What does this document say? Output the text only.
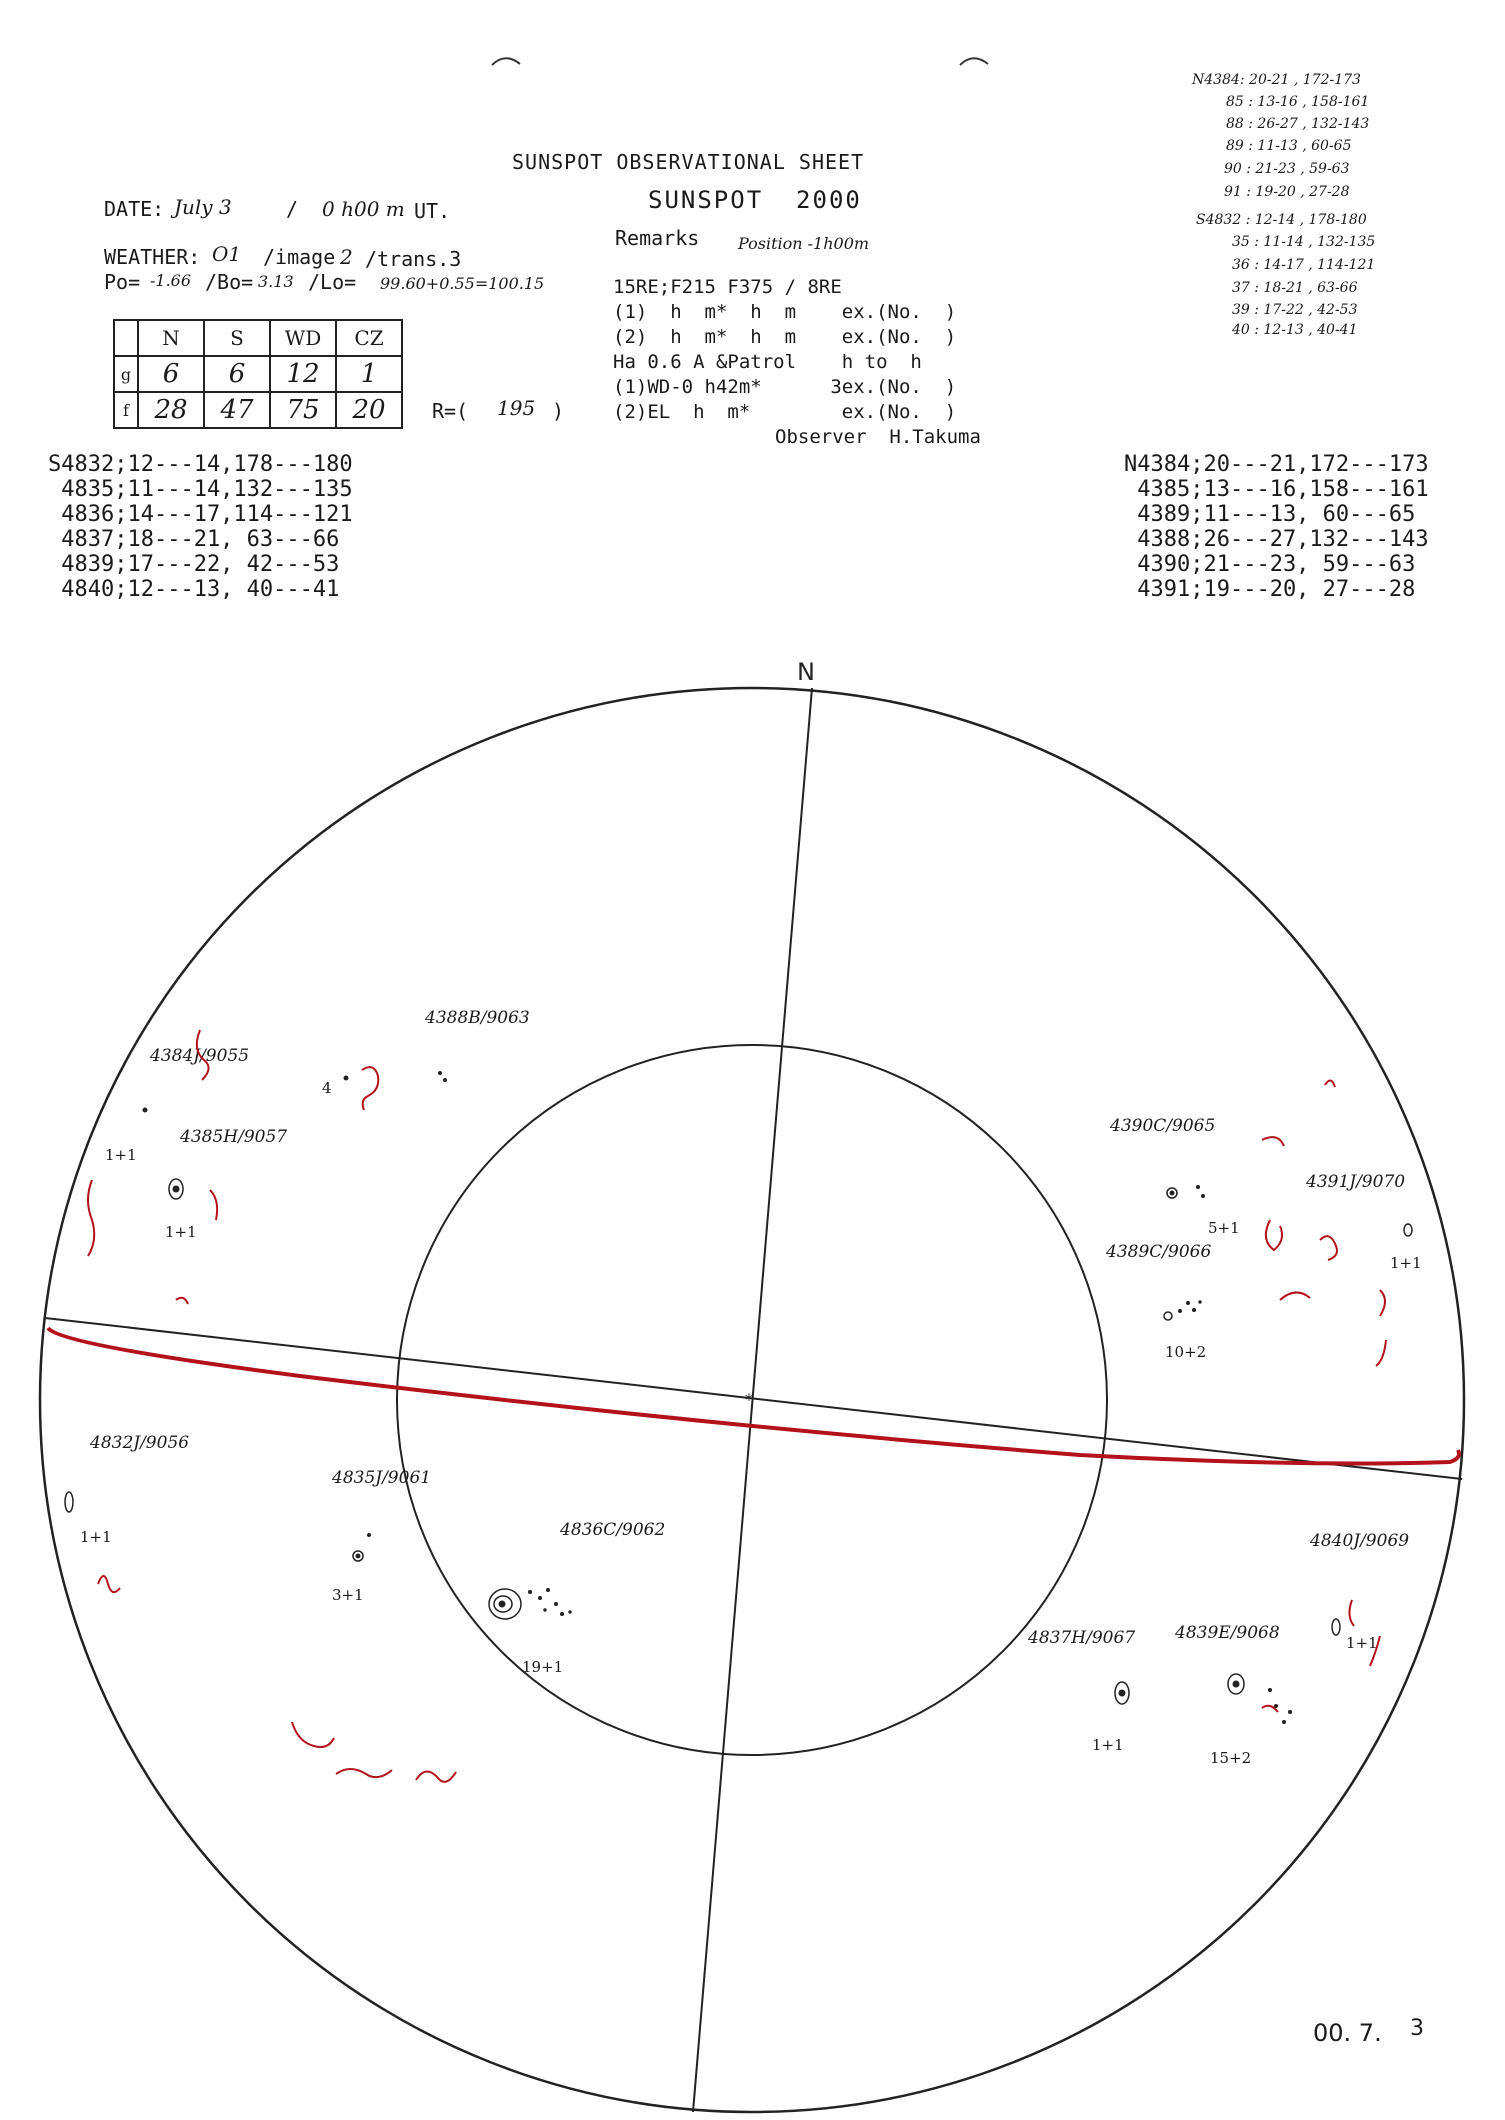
SUNSPOT OBSERVATIONAL SHEET
SUNSPOT  2000
DATE: July 3	/ 0 h00 m UT.
WEATHER: O1 /image 2 /trans.3
Po= -1.66 /Bo= 3.13 /Lo= 99.60+0.55=100.15
	N	S	WD	CZ
g	6	6	12	1
f	28	47	75	20 R=( 195 )
Remarks Position -1h00m
15RE;F215 F375 / 8RE
(1)  h  m*  h  m    ex.(No.  )
(2)  h  m*  h  m    ex.(No.  )
Ha 0.6 A &Patrol    h to  h
(1)WD-0 h42m*      3ex.(No.  )
(2)EL  h  m*        ex.(No.  )
Observer  H.Takuma
N4384: 20-21 , 172-173
85 : 13-16 , 158-161
88 : 26-27 , 132-143
89 : 11-13 , 60-65
90 : 21-23 , 59-63
91 : 19-20 , 27-28
S4832 : 12-14 , 178-180
35 : 11-14 , 132-135
36 : 14-17 , 114-121
37 : 18-21 , 63-66
39 : 17-22 , 42-53
40 : 12-13 , 40-41
S4832;12---14,178---180
4835;11---14,132---135
4836;14---17,114---121
4837;18---21, 63---66
4839;17---22, 42---53
4840;12---13, 40---41
N4384;20---21,172---173
4385;13---16,158---161
4389;11---13, 60---65
4388;26---27,132---143
4390;21---23, 59---63
4391;19---20, 27---28
*
N
4388B/9063
4384J/9055
4385H/9057
4390C/9065
4391J/9070
4389C/9066
4832J/9056
4835J/9061
4836C/9062
4840J/9069
4837H/9067 4839E/9068
1+1
1+1
4
5+1
1+1
10+2
1+1
3+1
19+1
1+1
1+1
15+2
00. 7. 3
